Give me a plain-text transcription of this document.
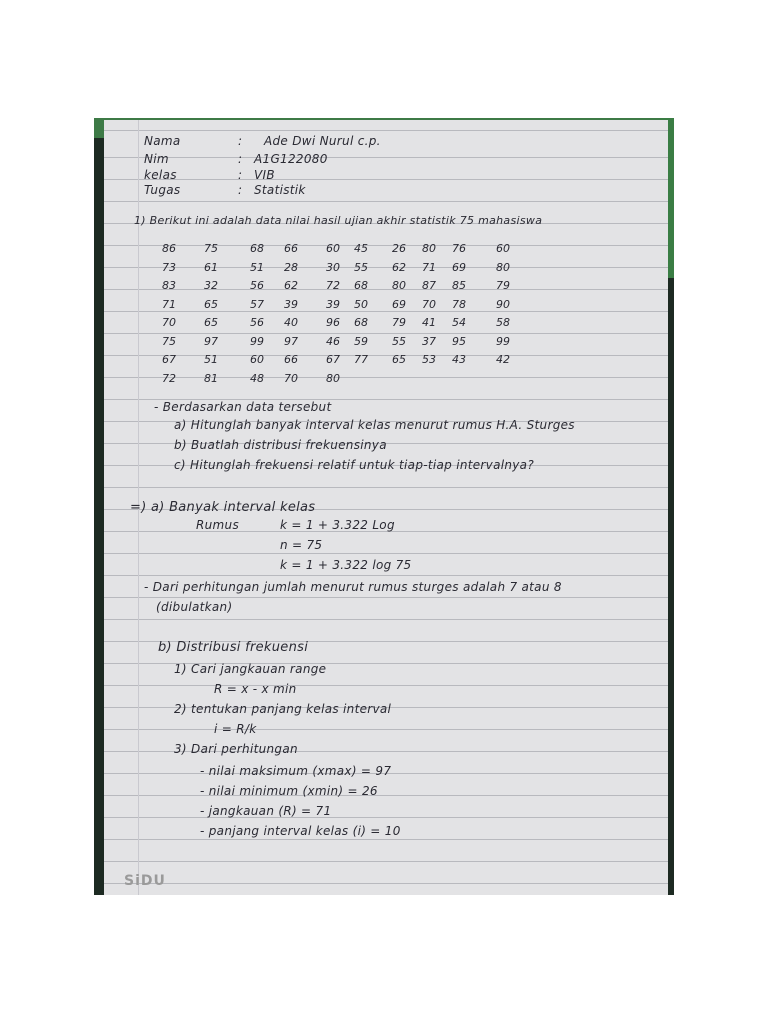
Nama	: Ade Dwi Nurul c.p.
Nim	: A1G122080
kelas	: VIB
Tugas	: Statistik
1) Berikut ini adalah data nilai hasil ujian akhir statistik 75 mahasiswa
86	75	68 66	60 45 26 80 76	60
73	61	51 28	30 55 62 71 69	80
83	32	56 62	72 68 80 87 85	79
71	65	57 39	39 50 69 70 78	90
70	65	56 40	96 68 79 41 54	58
75	97	99 97	46 59 55 37 95	99
67	51	60 66	67 77 65 53 43	42
72	81	48 70	80
- Berdasarkan data tersebut
a) Hitunglah banyak interval kelas menurut rumus H.A. Sturges
b) Buatlah distribusi frekuensinya
c) Hitunglah frekuensi relatif untuk tiap-tiap intervalnya?
=) a) Banyak interval kelas
Rumus	k = 1 + 3.322 Log
n = 75
k = 1 + 3.322 log 75
- Dari perhitungan jumlah menurut rumus sturges adalah 7 atau 8
(dibulatkan)
b) Distribusi frekuensi
1) Cari jangkauan range
R = x - x min
2) tentukan panjang kelas interval
i = R/k
3) Dari perhitungan
- nilai maksimum (xmax) = 97
- nilai minimum (xmin) = 26
- jangkauan (R) = 71
- panjang interval kelas (i) = 10
SiDU
